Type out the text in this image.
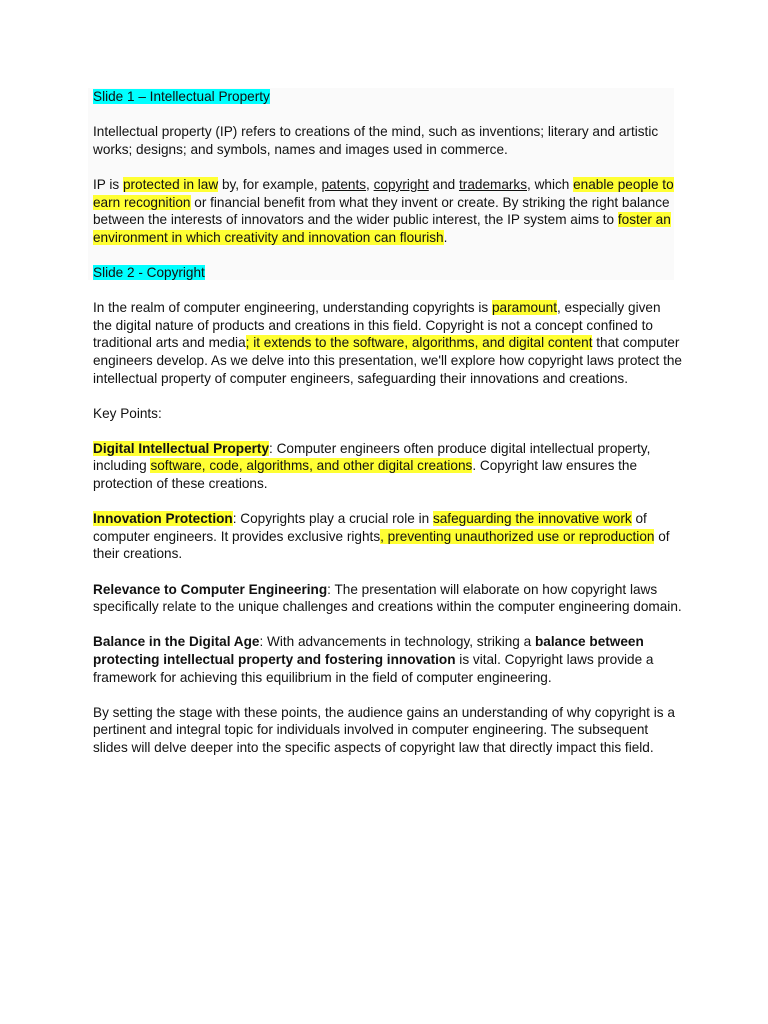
Slide 1 – Intellectual Property

Intellectual property (IP) refers to creations of the mind, such as inventions; literary and artistic works; designs; and symbols, names and images used in commerce.

IP is protected in law by, for example, patents, copyright and trademarks, which enable people to earn recognition or financial benefit from what they invent or create. By striking the right balance between the interests of innovators and the wider public interest, the IP system aims to foster an environment in which creativity and innovation can flourish.

Slide 2 - Copyright

In the realm of computer engineering, understanding copyrights is paramount, especially given the digital nature of products and creations in this field. Copyright is not a concept confined to traditional arts and media; it extends to the software, algorithms, and digital content that computer engineers develop. As we delve into this presentation, we'll explore how copyright laws protect the intellectual property of computer engineers, safeguarding their innovations and creations.

Key Points:

Digital Intellectual Property: Computer engineers often produce digital intellectual property, including software, code, algorithms, and other digital creations. Copyright law ensures the protection of these creations.

Innovation Protection: Copyrights play a crucial role in safeguarding the innovative work of computer engineers. It provides exclusive rights, preventing unauthorized use or reproduction of their creations.

Relevance to Computer Engineering: The presentation will elaborate on how copyright laws specifically relate to the unique challenges and creations within the computer engineering domain.

Balance in the Digital Age: With advancements in technology, striking a balance between protecting intellectual property and fostering innovation is vital. Copyright laws provide a framework for achieving this equilibrium in the field of computer engineering.

By setting the stage with these points, the audience gains an understanding of why copyright is a pertinent and integral topic for individuals involved in computer engineering. The subsequent slides will delve deeper into the specific aspects of copyright law that directly impact this field.
